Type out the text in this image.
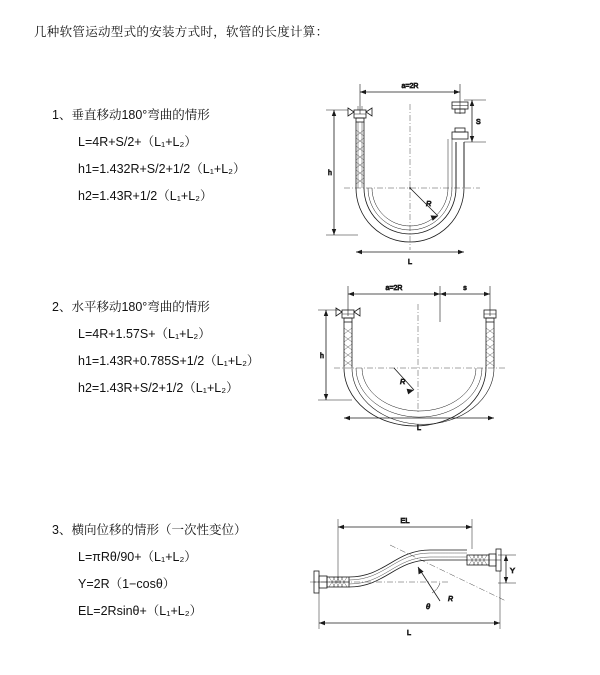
几种软管运动型式的安装方式时，软管的长度计算：
1、垂直移动180°弯曲的情形
L=4R+S/2+（L₁+L₂）
h1=1.432R+S/2+1/2（L₁+L₂）
h2=1.43R+1/2（L₁+L₂）
a=2R
S
h
R
L
2、水平移动180°弯曲的情形
L=4R+1.57S+（L₁+L₂）
h1=1.43R+0.785S+1/2（L₁+L₂）
h2=1.43R+S/2+1/2（L₁+L₂）
a=2R	s
h
R
L
3、横向位移的情形（一次性变位）
L=πRθ/90+（L₁+L₂）
Y=2R（1−cosθ）
EL=2Rsinθ+（L₁+L₂）
EL
Y
θ
R
L
